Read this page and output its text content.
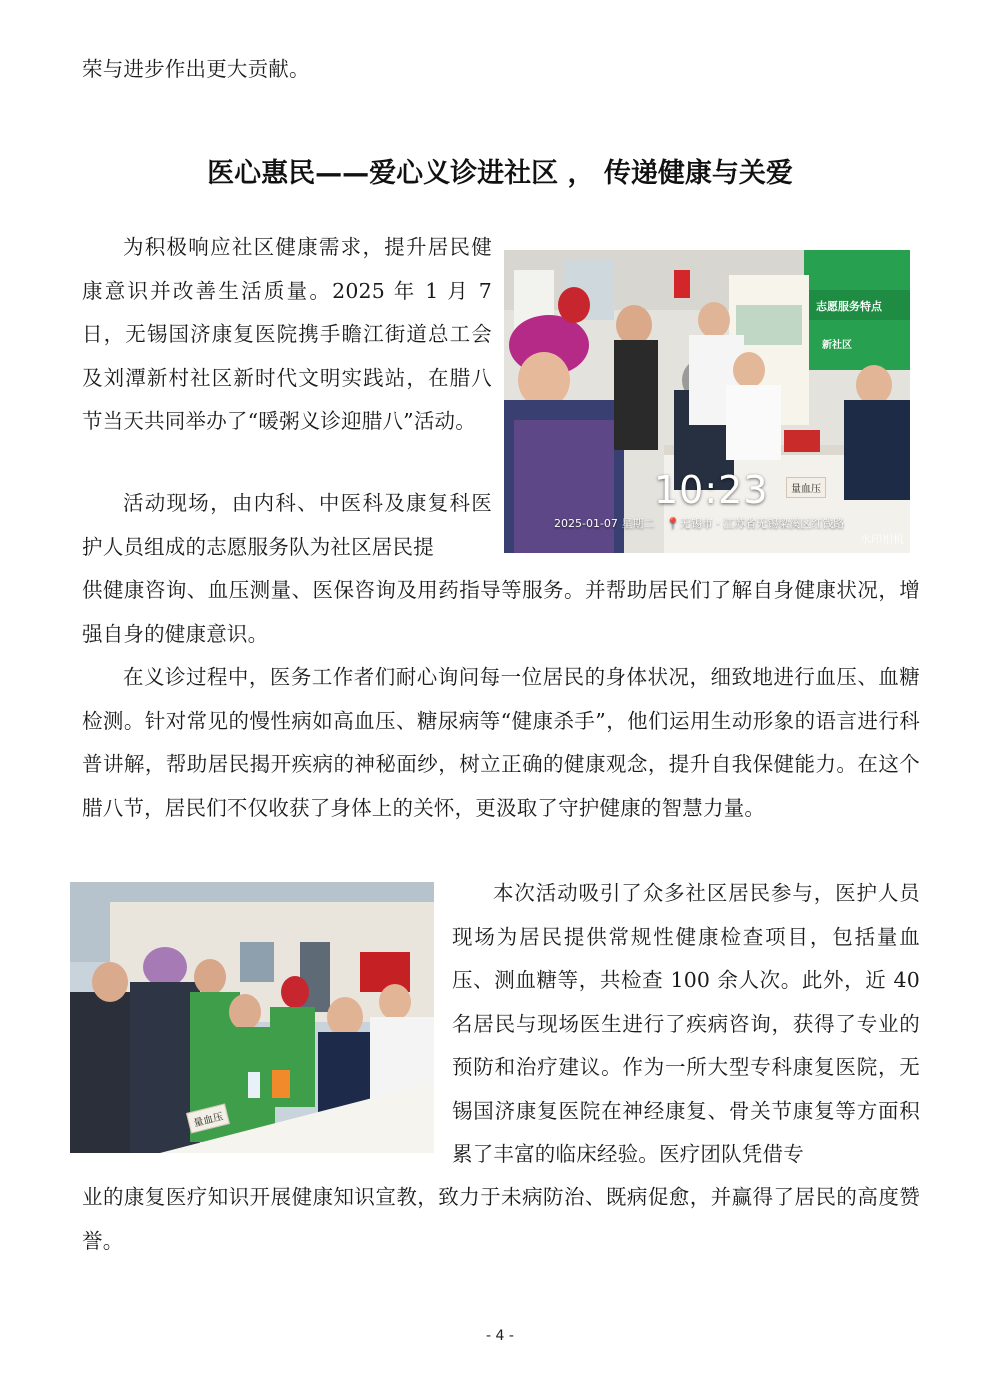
荣与进步作出更大贡献。
医心惠民——爱心义诊进社区 ， 传递健康与关爱
为积极响应社区健康需求，提升居民健康意识并改善生活质量。2025 年 1 月 7 日，无锡国济康复医院携手瞻江街道总工会及刘潭新村社区新时代文明实践站，在腊八节当天共同举办了“暖粥义诊迎腊八”活动。
活动现场，由内科、中医科及康复科医护人员组成的志愿服务队为社区居民提
供健康咨询、血压测量、医保咨询及用药指导等服务。并帮助居民们了解自身健康状况，增强自身的健康意识。
在义诊过程中，医务工作者们耐心询问每一位居民的身体状况，细致地进行血压、血糖检测。针对常见的慢性病如高血压、糖尿病等“健康杀手”，他们运用生动形象的语言进行科普讲解，帮助居民揭开疾病的神秘面纱，树立正确的健康观念，提升自我保健能力。在这个腊八节，居民们不仅收获了身体上的关怀，更汲取了守护健康的智慧力量。
本次活动吸引了众多社区居民参与，医护人员现场为居民提供常规性健康检查项目，包括量血压、测血糖等，共检查 100 余人次。此外，近 40 名居民与现场医生进行了疾病咨询，获得了专业的预防和治疗建议。作为一所大型专科康复医院，无锡国济康复医院在神经康复、骨关节康复等方面积累了丰富的临床经验。医疗团队凭借专
业的康复医疗知识开展健康知识宣教，致力于未病防治、既病促愈，并赢得了居民的高度赞誉。
- 4 -
志愿服务特点
新社区
量血压
10:23
2025-01-07 星期二 📍无锡市 · 江苏省无锡梁溪区红钱路
水印相机
量血压
